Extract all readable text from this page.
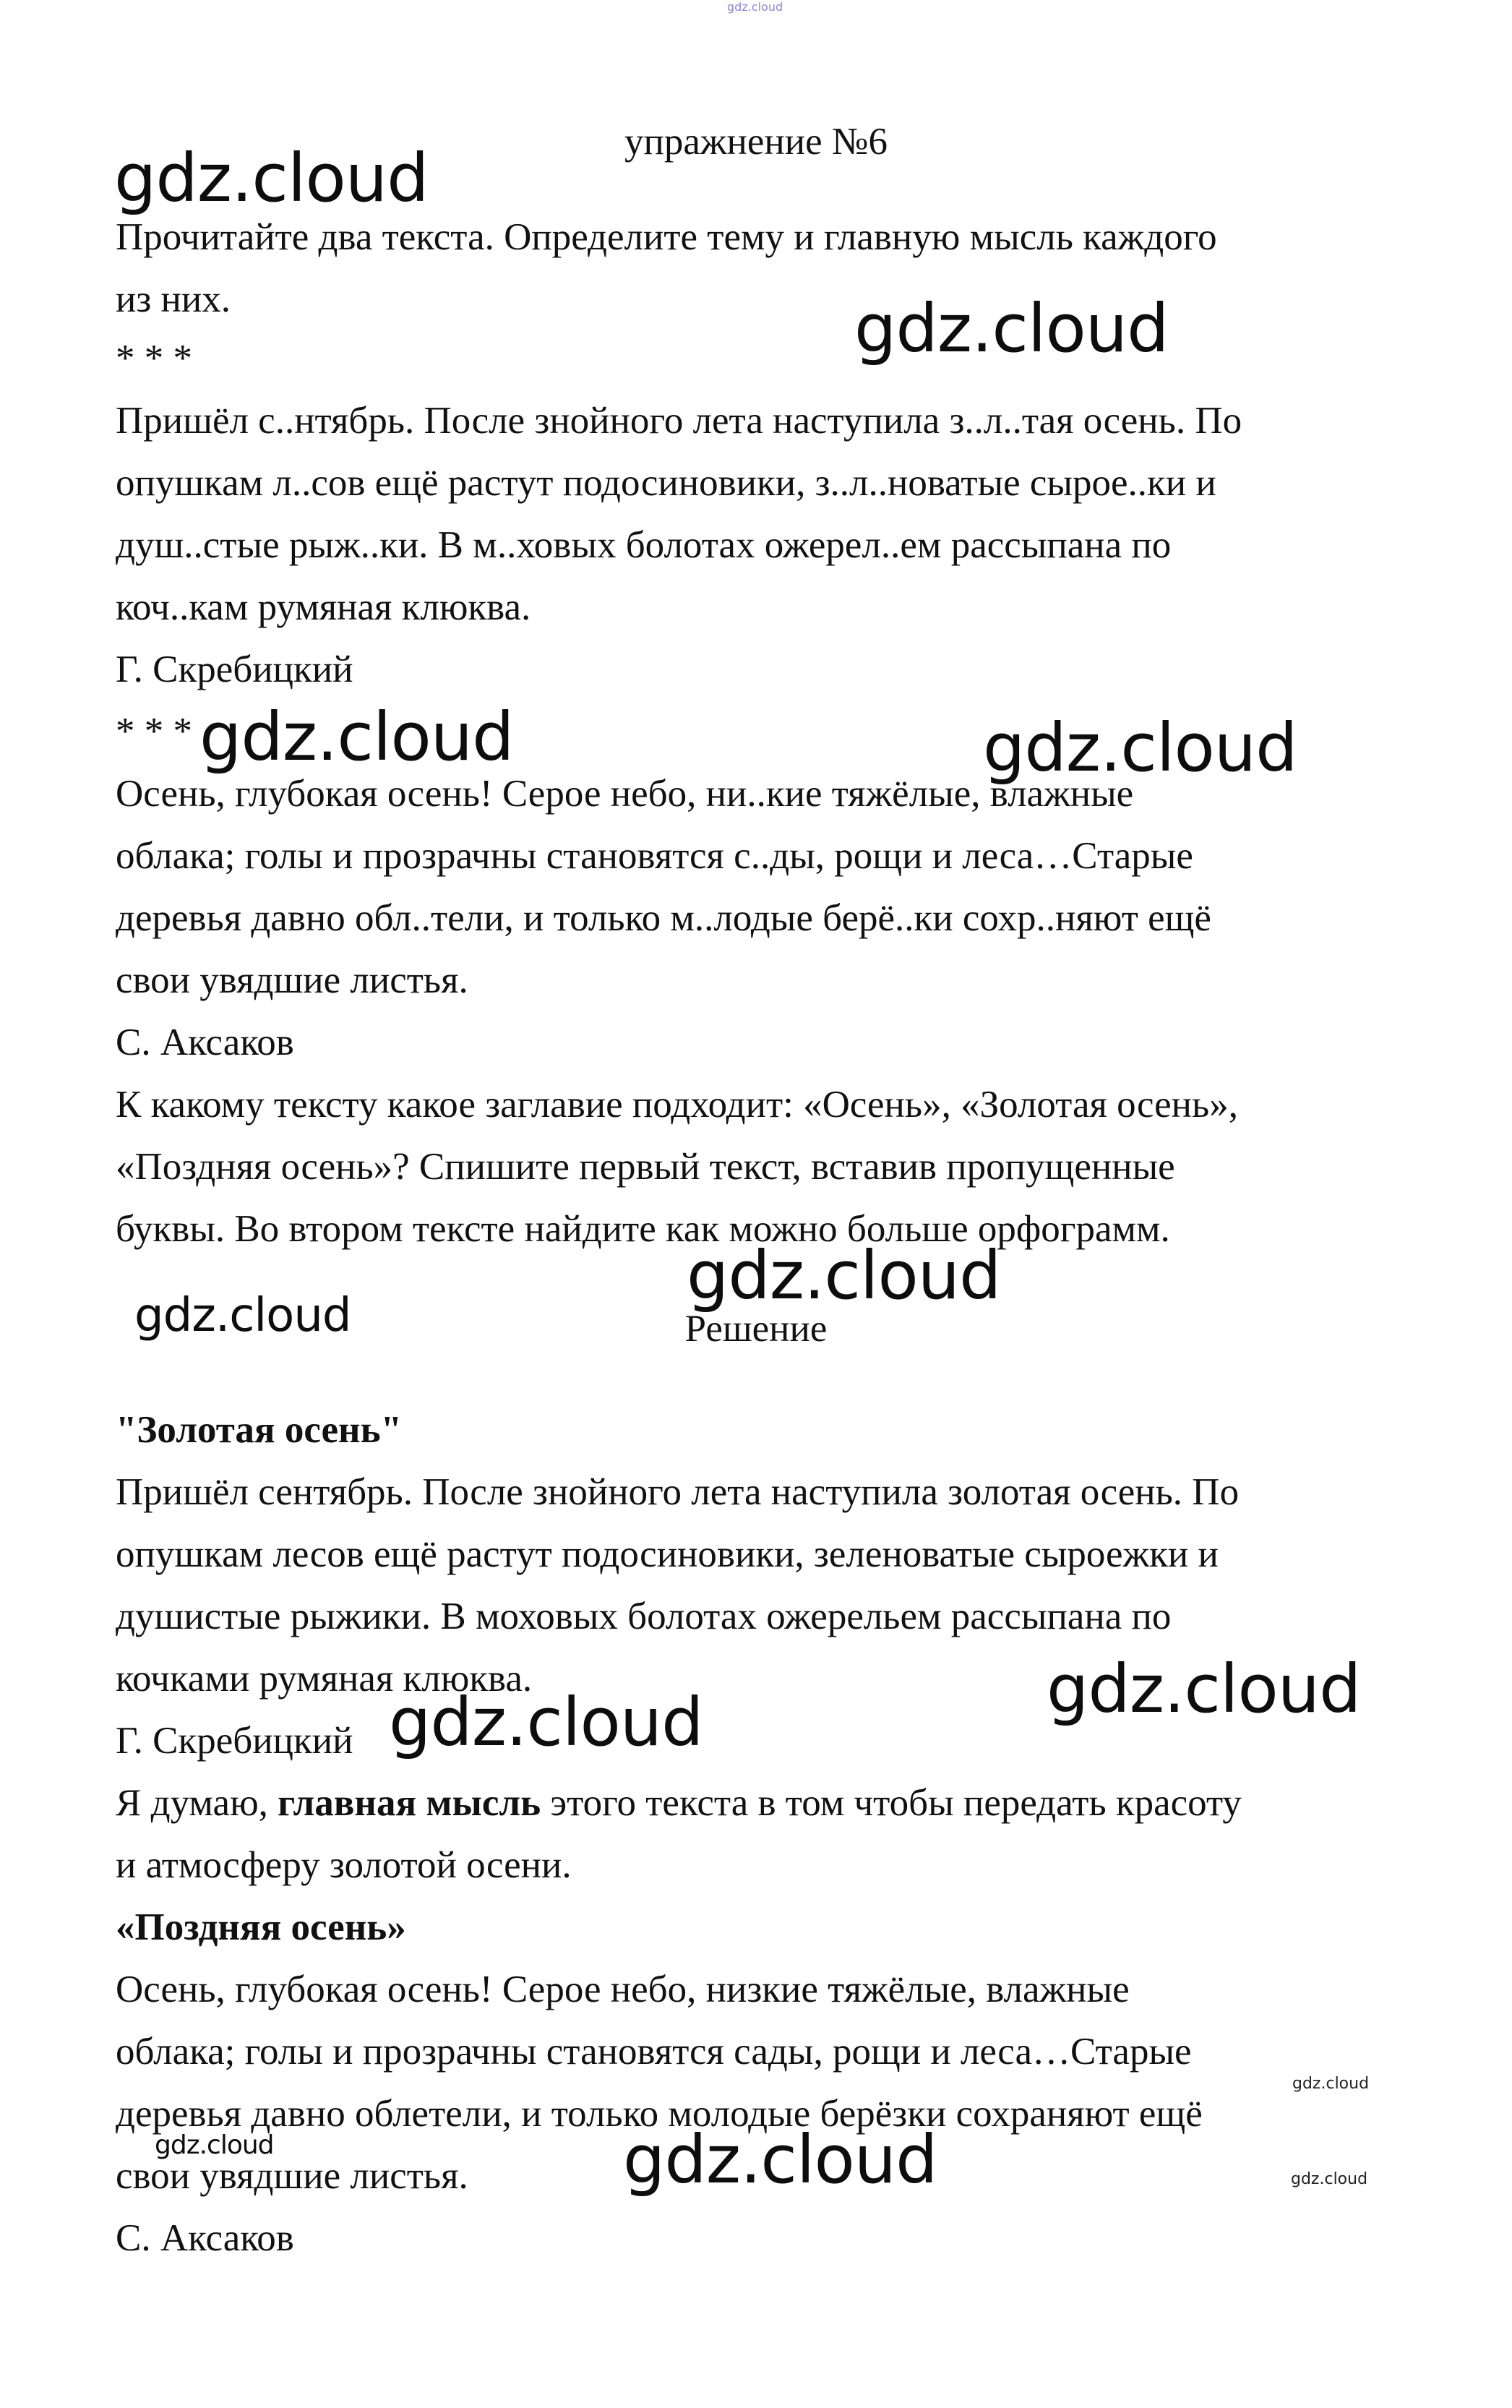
gdz.cloud
gdz.cloud
gdz.cloud
gdz.cloud	gdz.cloud
gdz.cloud
gdz.cloud
gdz.cloud
gdz.cloud
gdz.cloud
gdz.cloud	gdz.cloud	gdz.cloud
упражнение №6
Прочитайте два текста. Определите тему и главную мысль каждого
из них.
* * *
Пришёл с..нтябрь. После знойного лета наступила з..л..тая осень. По
опушкам л..сов ещё растут подосиновики, з..л..новатые сыроe..ки и
душ..стые рыж..ки. В м..ховых болотах ожерел..ем рассыпана по
коч..кам румяная клюква.
Г. Скребицкий
* * *
Осень, глубокая осень! Серое небо, ни..кие тяжёлые, влажные
облака; голы и прозрачны становятся с..ды, рощи и леса…Старые
деревья давно обл..тели, и только м..лодые берё..ки сохр..няют ещё
свои увядшие листья.
С. Аксаков
К какому тексту какое заглавие подходит: «Осень», «Золотая осень»,
«Поздняя осень»? Спишите первый текст, вставив пропущенные
буквы. Во втором тексте найдите как можно больше орфограмм.
Решение
"Золотая осень"
Пришёл сентябрь. После знойного лета наступила золотая осень. По
опушкам лесов ещё растут подосиновики, зеленоватые сыроежки и
душистые рыжики. В моховых болотах ожерельем рассыпана по
кочками румяная клюква.
Г. Скребицкий
Я думаю, главная мысль этого текста в том чтобы передать красоту
и атмосферу золотой осени.
«Поздняя осень»
Осень, глубокая осень! Серое небо, низкие тяжёлые, влажные
облака; голы и прозрачны становятся сады, рощи и леса…Старые
деревья давно облетели, и только молодые берёзки сохраняют ещё
свои увядшие листья.
С. Аксаков
